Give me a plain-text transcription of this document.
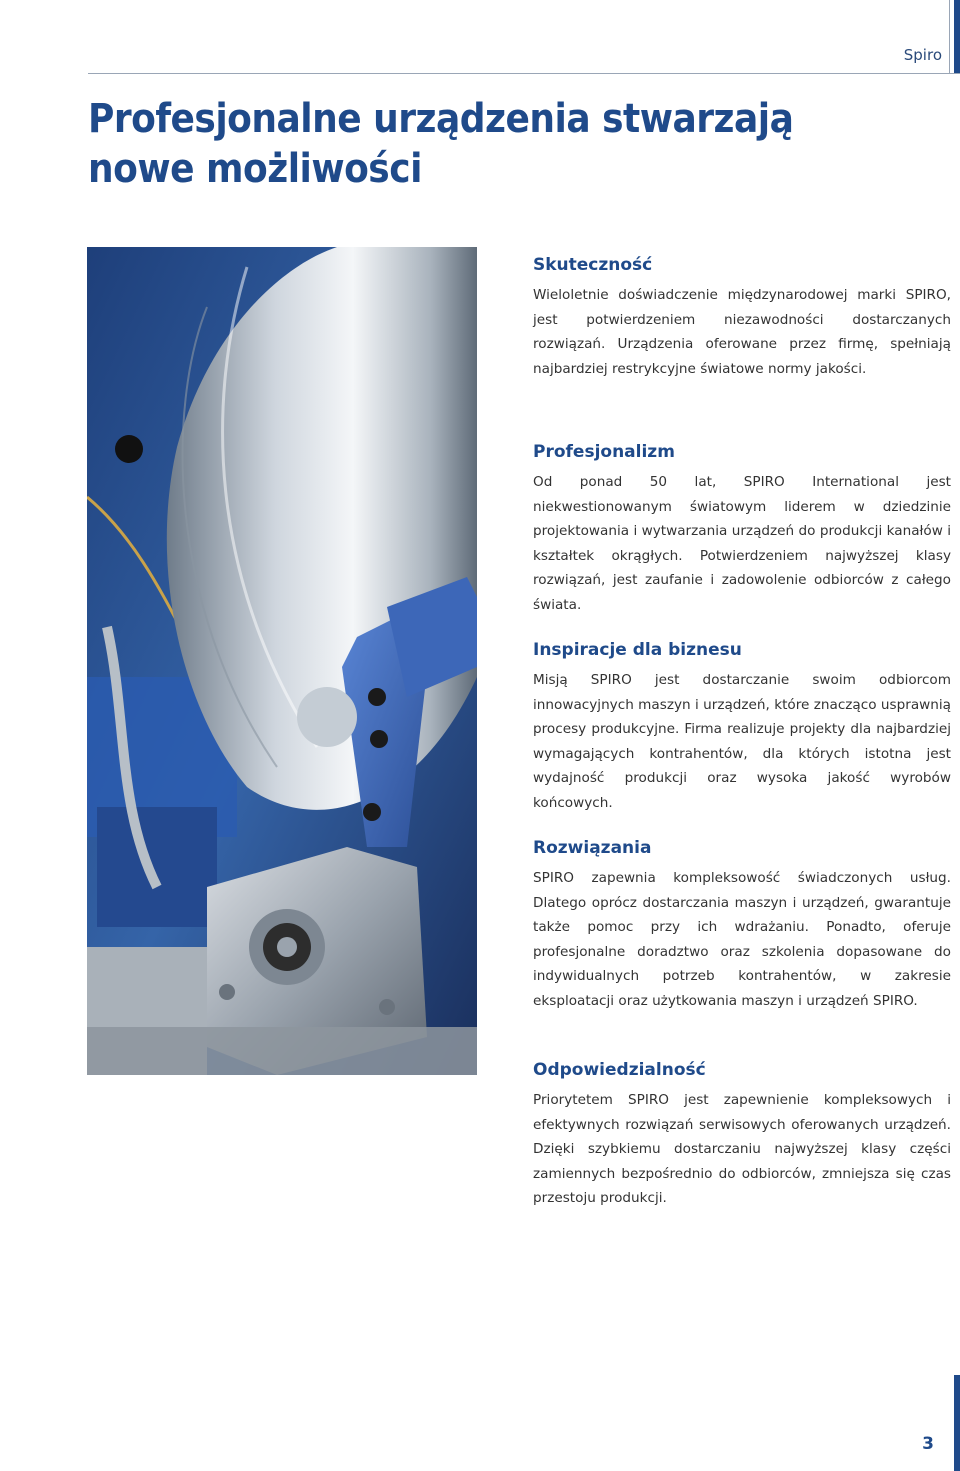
Spiro
Profesjonalne urządzenia stwarzają nowe możliwości
Skuteczność

Wieloletnie doświadczenie międzynarodowej marki SPIRO, jest potwierdzeniem niezawodności dostarczanych rozwiązań. Urządzenia oferowane przez firmę, spełniają najbardziej restrykcyjne światowe normy jakości.

Profesjonalizm

Od ponad 50 lat, SPIRO International jest niekwestionowanym światowym liderem w dziedzinie projektowania i wytwarzania urządzeń do produkcji kanałów i kształtek okrągłych. Potwierdzeniem najwyższej klasy rozwiązań, jest zaufanie i zadowolenie odbiorców z całego świata.

Inspiracje dla biznesu

Misją SPIRO jest dostarczanie swoim odbiorcom innowacyjnych maszyn i urządzeń, które znacząco usprawnią procesy produkcyjne. Firma realizuje projekty dla najbardziej wymagających kontrahentów, dla których istotna jest wydajność produkcji oraz wysoka jakość wyrobów końcowych.

Rozwiązania

SPIRO zapewnia kompleksowość świadczonych usług. Dlatego oprócz dostarczania maszyn i urządzeń, gwarantuje także pomoc przy ich wdrażaniu. Ponadto, oferuje profesjonalne doradztwo oraz szkolenia dopasowane do indywidualnych potrzeb kontrahentów, w zakresie eksploatacji oraz użytkowania maszyn i urządzeń SPIRO.

Odpowiedzialność

Priorytetem SPIRO jest zapewnienie kompleksowych i efektywnych rozwiązań serwisowych oferowanych urządzeń. Dzięki szybkiemu dostarczaniu najwyższej klasy części zamiennych bezpośrednio do odbiorców, zmniejsza się czas przestoju produkcji.

3
